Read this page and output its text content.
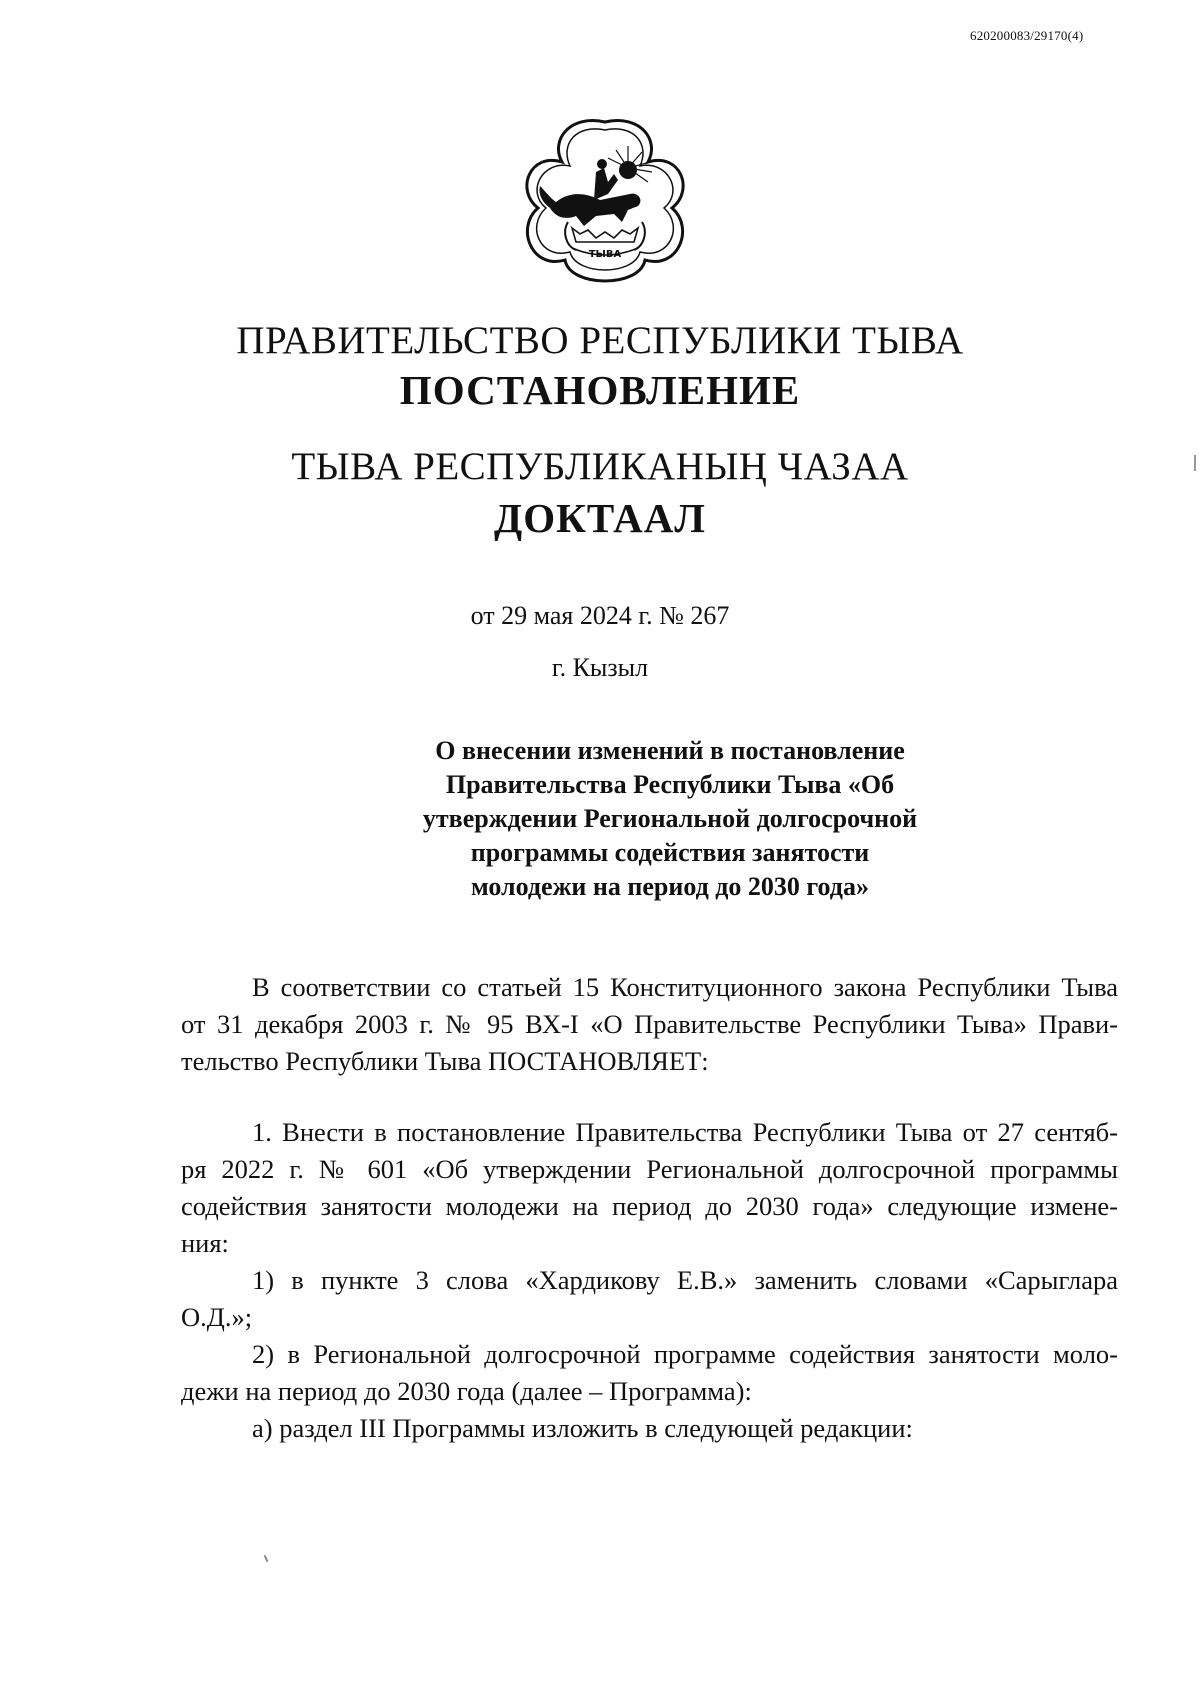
620200083/29170(4)
ТЫВА
ПРАВИТЕЛЬСТВО РЕСПУБЛИКИ ТЫВА
ПОСТАНОВЛЕНИЕ
ТЫВА РЕСПУБЛИКАНЫҢ ЧАЗАА
ДОКТААЛ
от 29 мая 2024 г. № 267
г. Кызыл
О внесении изменений в постановление
Правительства Республики Тыва «Об
утверждении Региональной долгосрочной
программы содействия занятости
молодежи на период до 2030 года»
В соответствии со статьей 15 Конституционного закона Республики Тыва
от 31 декабря 2003 г. № 95 ВХ-I «О Правительстве Республики Тыва» Прави-
тельство Республики Тыва ПОСТАНОВЛЯЕТ:
1. Внести в постановление Правительства Республики Тыва от 27 сентяб-
ря 2022 г. № 601 «Об утверждении Региональной долгосрочной программы
содействия занятости молодежи на период до 2030 года» следующие измене-
ния:
1) в пункте 3 слова «Хардикову Е.В.» заменить словами «Сарыглара
О.Д.»;
2) в Региональной долгосрочной программе содействия занятости моло-
дежи на период до 2030 года (далее – Программа):
а) раздел III Программы изложить в следующей редакции:
